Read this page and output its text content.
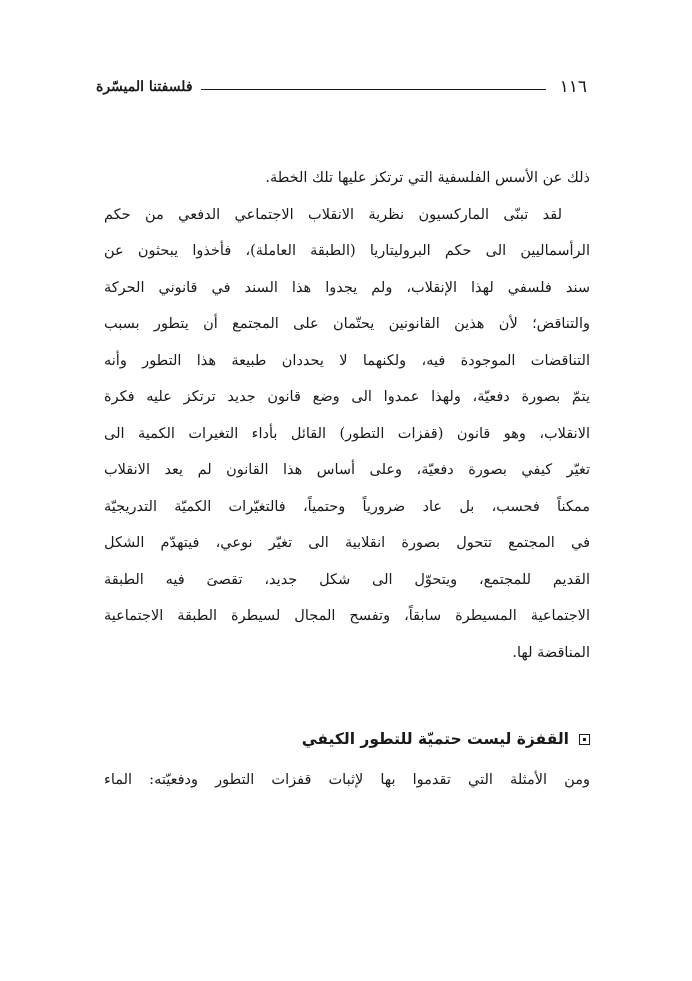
١١٦
فلسفتنا الميسّرة
ذلك عن الأسس الفلسفية التي ترتكز عليها تلك الخطة.
لقد تبنّى الماركسيون نظرية الانقلاب الاجتماعي الدفعي من حكم
الرأسماليين الى حكم البروليتاريا (الطبقة العاملة)، فأخذوا يبحثون عن
سند فلسفي لهذا الإنقلاب، ولم يجدوا هذا السند في قانوني الحركة
والتناقض؛ لأن هذين القانونين يحتّمان على المجتمع أن يتطور بسبب
التناقضات الموجودة فيه، ولكنهما لا يحددان طبيعة هذا التطور وأنه
يتمّ بصورة دفعيّة، ولهذا عمدوا الى وضع قانون جديد ترتكز عليه فكرة
الانقلاب، وهو قانون (قفزات التطور) القائل بأداء التغيرات الكمية الى
تغيّر كيفي بصورة دفعيّة، وعلى أساس هذا القانون لم يعد الانقلاب
ممكناً فحسب، بل عاد ضرورياً وحتمياً، فالتغيّرات الكميّة التدريجيّة
في المجتمع تتحول بصورة انقلابية الى تغيّر نوعي، فيتهدّم الشكل
القديم للمجتمع، ويتحوّل الى شكل جديد، تقصىَ فيه الطبقة
الاجتماعية المسيطرة سابقاً، وتفسح المجال لسيطرة الطبقة الاجتماعية
المناقضة لها.
القفزة ليست حتميّة للتطور الكيفي
ومن الأمثلة التي تقدموا بها لإثبات قفزات التطور ودفعيّته: الماء
